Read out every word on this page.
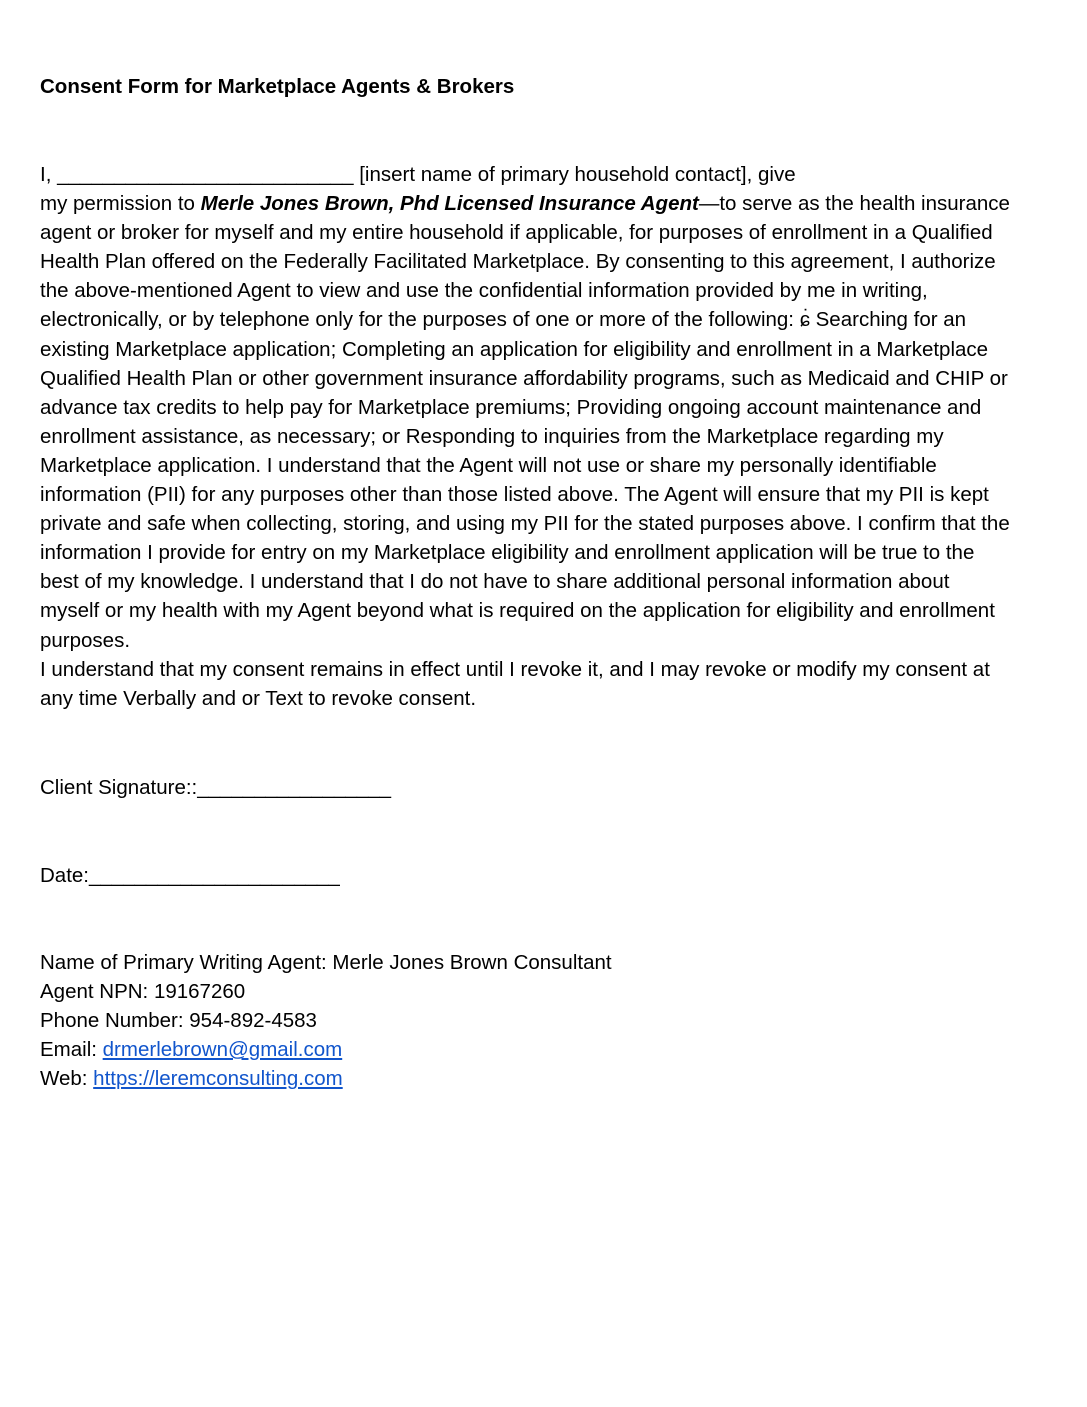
Consent Form for Marketplace Agents & Brokers

I, __________________________ [insert name of primary household contact], give

my permission to Merle Jones Brown, Phd Licensed Insurance Agent—to serve as the health insurance

agent or broker for myself and my entire household if applicable, for purposes of enrollment in a Qualified

Health Plan offered on the Federally Facilitated Marketplace. By consenting to this agreement, I authorize

the above-mentioned Agent to view and use the confidential information provided by me in writing,

electronically, or by telephone only for the purposes of one or more of the following: ɕ̇ Searching for an

existing Marketplace application; Completing an application for eligibility and enrollment in a Marketplace

Qualified Health Plan or other government insurance affordability programs, such as Medicaid and CHIP or

advance tax credits to help pay for Marketplace premiums; Providing ongoing account maintenance and

enrollment assistance, as necessary; or Responding to inquiries from the Marketplace regarding my

Marketplace application. I understand that the Agent will not use or share my personally identifiable

information (PII) for any purposes other than those listed above. The Agent will ensure that my PII is kept

private and safe when collecting, storing, and using my PII for the stated purposes above. I confirm that the

information I provide for entry on my Marketplace eligibility and enrollment application will be true to the

best of my knowledge. I understand that I do not have to share additional personal information about

myself or my health with my Agent beyond what is required on the application for eligibility and enrollment

purposes.

I understand that my consent remains in effect until I revoke it, and I may revoke or modify my consent at

any time Verbally and or Text to revoke consent.

Client Signature::_________________
Date:______________________
Name of Primary Writing Agent: Merle Jones Brown Consultant
Agent NPN: 19167260
Phone Number: 954-892-4583
Email: drmerlebrown@gmail.com
Web: https://leremconsulting.com
